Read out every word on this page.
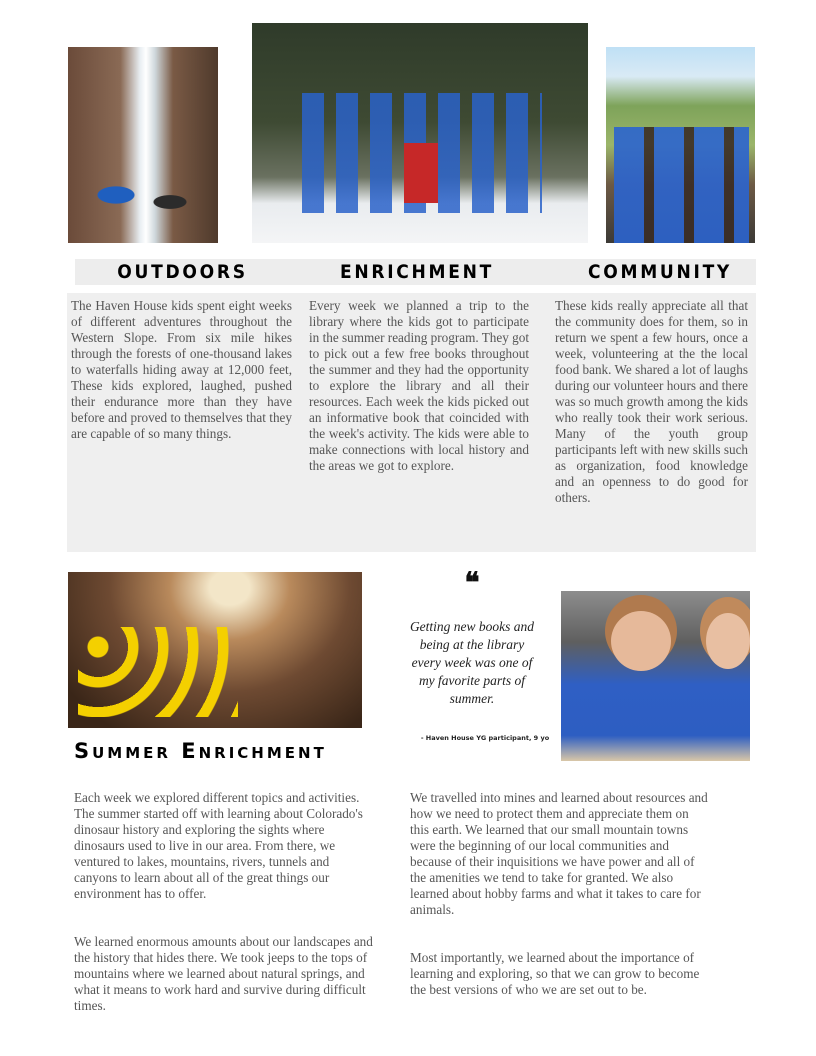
OUTDOORS	ENRICHMENT	COMMUNITY
The Haven House kids spent eight weeks of different adventures throughout the Western Slope. From six mile hikes through the forests of one-thousand lakes to waterfalls hiding away at 12,000 feet, These kids explored, laughed, pushed their endurance more than they have before and proved to themselves that they are capable of so many things.
Every week we planned a trip to the library where the kids got to participate in the summer reading program. They got to pick out a few free books throughout the summer and they had the opportunity to explore the library and all their resources. Each week the kids picked out an informative book that coincided with the week's activity. The kids were able to make connections with local history and the areas we got to explore.
These kids really appreciate all that the community does for them, so in return we spent a few hours, once a week, volunteering at the the local food bank. We shared a lot of laughs during our volunteer hours and there was so much growth among the kids who really took their work serious. Many of the youth group participants left with new skills such as organization, food knowledge and an openness to do good for others.
❝
Getting new books and being at the library every week was one of my favorite parts of summer.
- Haven House YG participant, 9 yo
Summer Enrichment
Each week we explored different topics and activities. The summer started off with learning about Colorado's dinosaur history and exploring the sights where dinosaurs used to live in our area. From there, we ventured to lakes, mountains, rivers, tunnels and canyons to learn about all of the great things our environment has to offer.
We learned enormous amounts about our landscapes and the history that hides there. We took jeeps to the tops of mountains where we learned about natural springs, and what it means to work hard and survive during difficult times.
We travelled into mines and learned about resources and how we need to protect them and appreciate them on this earth. We learned that our small mountain towns were the beginning of our local communities and because of their inquisitions we have power and all of the amenities we tend to take for granted. We also learned about hobby farms and what it takes to care for animals.
Most importantly, we learned about the importance of learning and exploring, so that we can grow to become the best versions of who we are set out to be.
